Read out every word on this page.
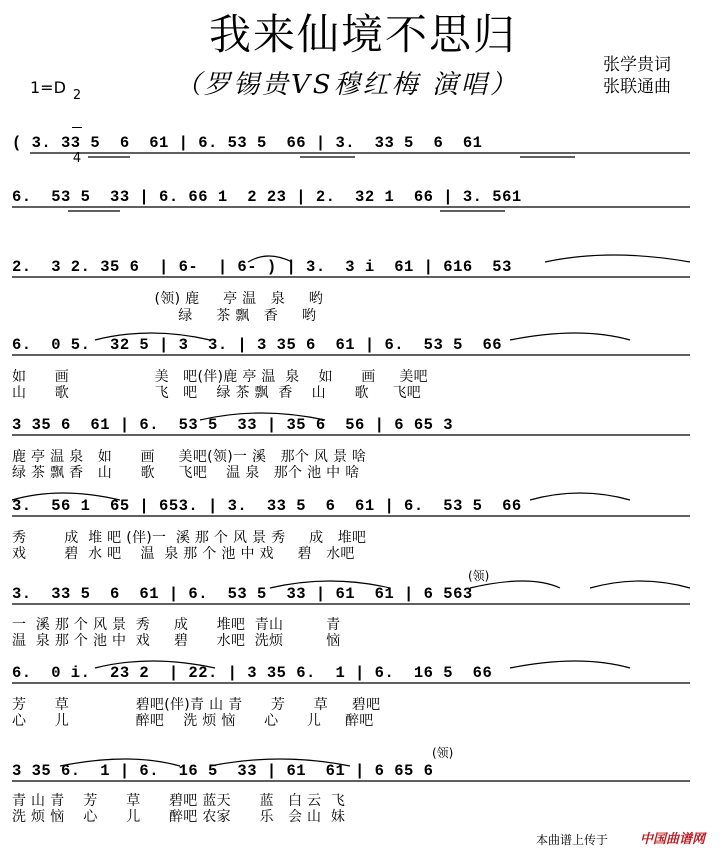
我来仙境不思归
（罗锡贵VS穆红梅 演唱）
1=D

2

4

张学贵词
张联通曲
( 3. 33 5  6  61 | 6. 53 5  66 | 3.  33 5  6  61
6.  53 5  33 | 6. 66 1  2 23 | 2.  32 1  66 | 3. 561
2.  3 2. 35 6  | 6-  | 6- ) | 3.  3 i  61 | 616  53
(领) 鹿     亭 温   泉     哟
绿     茶 飘   香     哟
6.  0 5.  32 5 | 3  3. | 3 35 6  61 | 6.  53 5  66
如      画                  美   吧(伴)鹿 亭 温  泉    如      画     美吧
山      歌                  飞   吧    绿 茶 飘  香    山      歌     飞吧
3 35 6  61 | 6.  53 5  33 | 35 6  56 | 6 65 3
鹿 亭 温 泉   如      画     美吧(领)一 溪   那个 风 景 啥
绿 茶 飘 香   山      歌     飞吧    温 泉   那个 池 中 啥
3.  56 1  65 | 653. | 3.  33 5  6  61 | 6.  53 5  66
秀        成  堆 吧 (伴)一  溪 那 个 风 景 秀     成   堆吧
戏        碧  水 吧    温  泉 那 个 池 中 戏     碧   水吧
(领)
3.  33 5  6  61 | 6.  53 5  33 | 61  61 | 6 563
一  溪 那 个 风 景  秀     成      堆吧  青山         青
温  泉 那 个 池 中  戏     碧      水吧  洗烦         恼
6.  0 i.  23 2  | 22. | 3 35 6.  1 | 6.  16 5  66
芳      草              碧吧(伴)青 山 青      芳      草     碧吧
心      儿              醉吧    洗 烦 恼      心      儿     醉吧
(领)
3 35 6.  1 | 6.  16 5  33 | 61  61 | 6 65 6
青 山 青    芳      草      碧吧 蓝天      蓝   白 云  飞
洗 烦 恼    心      儿      醉吧 农家      乐   会 山  妹
本曲谱上传于 中国曲谱网
